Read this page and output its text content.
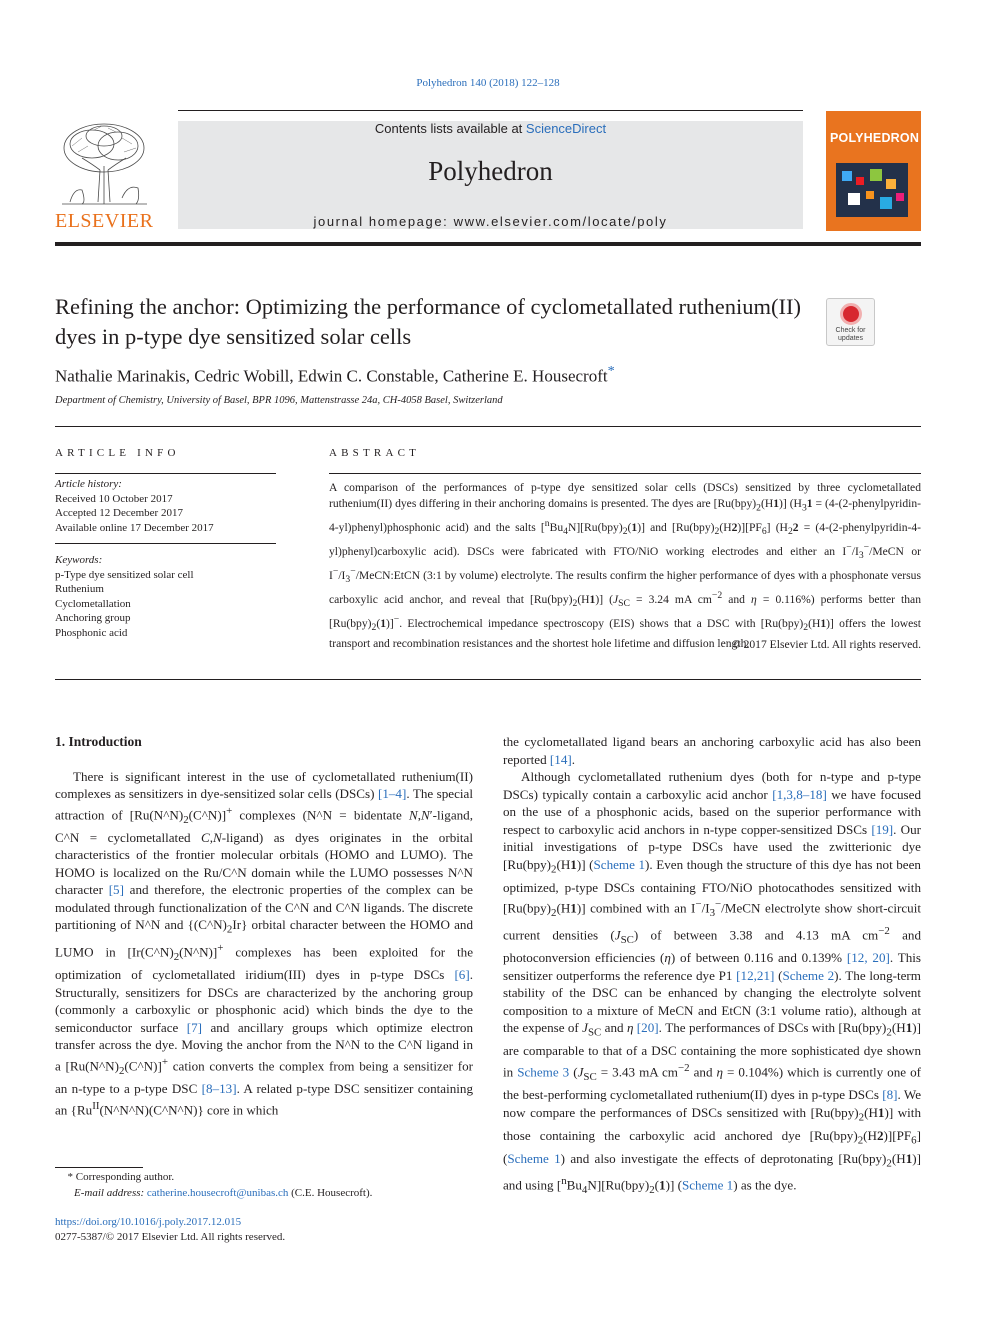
Polyhedron 140 (2018) 122–128
ELSEVIER
Contents lists available at ScienceDirect
Polyhedron
journal homepage: www.elsevier.com/locate/poly
POLYHEDRON
Refining the anchor: Optimizing the performance of cyclometallated ruthenium(II) dyes in p-type dye sensitized solar cells	Check for updates
Nathalie Marinakis, Cedric Wobill, Edwin C. Constable, Catherine E. Housecroft*
Department of Chemistry, University of Basel, BPR 1096, Mattenstrasse 24a, CH-4058 Basel, Switzerland
ARTICLE INFO
Article history:
Received 10 October 2017
Accepted 12 December 2017
Available online 17 December 2017
Keywords:
p-Type dye sensitized solar cell
Ruthenium
Cyclometallation
Anchoring group
Phosphonic acid
ABSTRACT
A comparison of the performances of p-type dye sensitized solar cells (DSCs) sensitized by three cyclometallated ruthenium(II) dyes differing in their anchoring domains is presented. The dyes are $[Ru(bpy)_2(H1)] (H_31$ = (4-(2-phenylpyridin-4-yl)phenyl)phosphonic acid) and the salts $[^nBu_4N][Ru(bpy)_2(1)]$ and $[Ru(bpy)_2(H2)][PF_6] (H_22$ = (4-(2-phenylpyridin-4-yl)phenyl)carboxylic acid). DSCs were fabricated with FTO/NiO working electrodes and either an $I^-/I_3^-$/MeCN or $I^-/I_3^-/MeCN:EtCN$ (3:1 by volume) electrolyte. The results confirm the higher performance of dyes with a phosphonate versus carboxylic acid anchor, and reveal that $[Ru(bpy)_2(H1)] (J_{SC} = 3.24$ mA $cm^{-2}$ and η = 0.116%) performs better than $[Ru(bpy)_2(1)]^-$. Electrochemical impedance spectroscopy (EIS) shows that a DSC with $[Ru(bpy)_2(H1)]$ offers the lowest transport and recombination resistances and the shortest hole lifetime and diffusion length.
© 2017 Elsevier Ltd. All rights reserved.

1. Introduction

There is significant interest in the use of cyclometallated ruthenium(II) complexes as sensitizers in dye-sensitized solar cells (DSCs) [1–4]. The special attraction of $[Ru(N\^{}N)_2(C\^{}N)]^+$ complexes (N^N = bidentate N,N′-ligand, C^N = cyclometallated C,N-ligand) as dyes originates in the orbital characteristics of the frontier molecular orbitals (HOMO and LUMO). The HOMO is localized on the Ru/C^N domain while the LUMO possesses N^N character [5] and therefore, the electronic properties of the complex can be modulated through functionalization of the C^N and C^N ligands. The discrete partitioning of N^N and $\{(C\^{}N)_2Ir\}$ orbital character between the HOMO and LUMO in $[Ir(C\^{}N)_2(N\^{}N)]^+$ complexes has been exploited for the optimization of cyclometallated iridium(III) dyes in p-type DSCs [6]. Structurally, sensitizers for DSCs are characterized by the anchoring group (commonly a carboxylic or phosphonic acid) which binds the dye to the semiconductor surface [7] and ancillary groups which optimize electron transfer across the dye. Moving the anchor from the N^N to the C^N ligand in a $[Ru(N\^{}N)_2(C\^{}N)]^+$ cation converts the complex from being a sensitizer for an n-type to a p-type DSC [8–13]. A related p-type DSC sensitizer containing an $\{Ru^{II}(N\^{}N\^{}N)(C\^{}N\^{}N)\}$ core in which

the cyclometallated ligand bears an anchoring carboxylic acid has also been reported [14].

Although cyclometallated ruthenium dyes (both for n-type and p-type DSCs) typically contain a carboxylic acid anchor [1,3,8–18] we have focused on the use of a phosphonic acids, based on the superior performance with respect to carboxylic acid anchors in n-type copper-sensitized DSCs [19]. Our initial investigations of p-type DSCs have used the zwitterionic dye $[Ru(bpy)_2(H1)]$ (Scheme 1). Even though the structure of this dye has not been optimized, p-type DSCs containing FTO/NiO photocathodes sensitized with $[Ru(bpy)_2(H1)]$ combined with an $I^-/I_3^-$/MeCN electrolyte show short-circuit current densities $(J_{SC})$ of between 3.38 and 4.13 mA $cm^{-2}$ and photoconversion efficiencies (η) of between 0.116 and 0.139% [12, 20]. This sensitizer outperforms the reference dye P1 [12,21] (Scheme 2). The long-term stability of the DSC can be enhanced by changing the electrolyte solvent composition to a mixture of MeCN and EtCN (3:1 volume ratio), although at the expense of $J_{SC}$ and η [20]. The performances of DSCs with $[Ru(bpy)_2(H1)]$ are comparable to that of a DSC containing the more sophisticated dye shown in Scheme 3 ($J_{SC} = 3.43$ mA $cm^{-2}$ and η = 0.104%) which is currently one of the best-performing cyclometallated ruthenium(II) dyes in p-type DSCs [8]. We now compare the performances of DSCs sensitized with $[Ru(bpy)_2(H1)]$ with those containing the carboxylic acid anchored dye $[Ru(bpy)_2(H2)][PF_6]$ (Scheme 1) and also investigate the effects of deprotonating $[Ru(bpy)_2(H1)]$ and using $[^nBu_4N][Ru(bpy)_2(1)]$ (Scheme 1) as the dye.

* Corresponding author.
E-mail address: catherine.housecroft@unibas.ch (C.E. Housecroft).
https://doi.org/10.1016/j.poly.2017.12.015
0277-5387/© 2017 Elsevier Ltd. All rights reserved.
